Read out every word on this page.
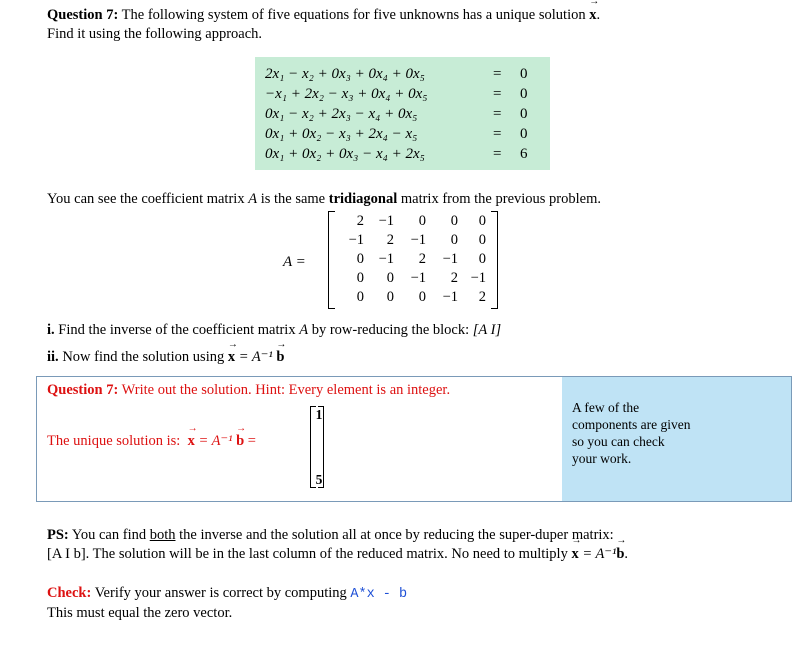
Question 7: The following system of five equations for five unknowns has a unique solution → x.
Find it using the following approach.
2x₁ − x₂ + 0x₃ + 0x₄ + 0x₅	= 0
−x₁ + 2x₂ − x₃ + 0x₄ + 0x₅	= 0
0x₁ − x₂ + 2x₃ − x₄ + 0x₅	= 0
0x₁ + 0x₂ − x₃ + 2x₄ − x₅	= 0
0x₁ + 0x₂ + 0x₃ − x₄ + 2x₅	= 6
You can see the coefficient matrix A is the same tridiagonal matrix from the previous problem.
A =
2	−1	0	0	0
−1	2	−1	0	0
0	−1	2	−1	0
0	0	−1	2 −1
0	0	0	−1	2
i. Find the inverse of the coefficient matrix A by row-reducing the block: [A I]
ii. Now find the solution using → x = A⁻¹ → b
Question 7: Write out the solution. Hint: Every element is an integer.
The unique solution is: → x = A⁻¹ → b =
1
5
A few of the components are given so you can check your work.
PS: You can find both the inverse and the solution all at once by reducing the super-duper matrix:
[A I b]. The solution will be in the last column of the reduced matrix. No need to multiply → x = A⁻¹→ b.
Check: Verify your answer is correct by computing A*x - b
This must equal the zero vector.
